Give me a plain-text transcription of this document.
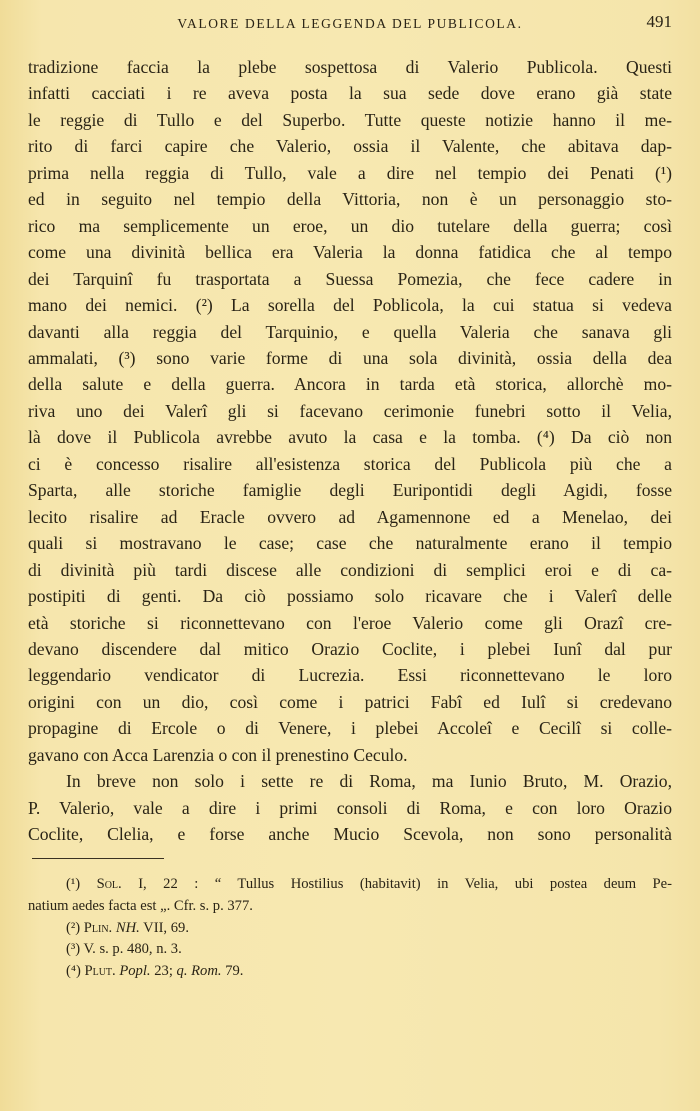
VALORE DELLA LEGGENDA DEL PUBLICOLA.	491
tradizione faccia la plebe sospettosa di Valerio Publicola. Questi
infatti cacciati i re aveva posta la sua sede dove erano già state
le reggie di Tullo e del Superbo. Tutte queste notizie hanno il me-
rito di farci capire che Valerio, ossia il Valente, che abitava dap-
prima nella reggia di Tullo, vale a dire nel tempio dei Penati (¹)
ed in seguito nel tempio della Vittoria, non è un personaggio sto-
rico ma semplicemente un eroe, un dio tutelare della guerra; così
come una divinità bellica era Valeria la donna fatidica che al tempo
dei Tarquinî fu trasportata a Suessa Pomezia, che fece cadere in
mano dei nemici. (²) La sorella del Poblicola, la cui statua si vedeva
davanti alla reggia del Tarquinio, e quella Valeria che sanava gli
ammalati, (³) sono varie forme di una sola divinità, ossia della dea
della salute e della guerra. Ancora in tarda età storica, allorchè mo-
riva uno dei Valerî gli si facevano cerimonie funebri sotto il Velia,
là dove il Publicola avrebbe avuto la casa e la tomba. (⁴) Da ciò non
ci è concesso risalire all'esistenza storica del Publicola più che a
Sparta, alle storiche famiglie degli Euripontidi degli Agidi, fosse
lecito risalire ad Eracle ovvero ad Agamennone ed a Menelao, dei
quali si mostravano le case; case che naturalmente erano il tempio
di divinità più tardi discese alle condizioni di semplici eroi e di ca-
postipiti di genti. Da ciò possiamo solo ricavare che i Valerî delle
età storiche si riconnettevano con l'eroe Valerio come gli Orazî cre-
devano discendere dal mitico Orazio Coclite, i plebei Iunî dal pur
leggendario vendicator di Lucrezia. Essi riconnettevano le loro
origini con un dio, così come i patrici Fabî ed Iulî si credevano
propagine di Ercole o di Venere, i plebei Accoleî e Cecilî si colle-
gavano con Acca Larenzia o con il prenestino Ceculo.
In breve non solo i sette re di Roma, ma Iunio Bruto, M. Orazio,
P. Valerio, vale a dire i primi consoli di Roma, e con loro Orazio
Coclite, Clelia, e forse anche Mucio Scevola, non sono personalità
(¹) Sol. I, 22 : “ Tullus Hostilius (habitavit) in Velia, ubi postea deum Pe-
natium aedes facta est „. Cfr. s. p. 377.
(²) Plin. NH. VII, 69.
(³) V. s. p. 480, n. 3.
(⁴) Plut. Popl. 23; q. Rom. 79.
